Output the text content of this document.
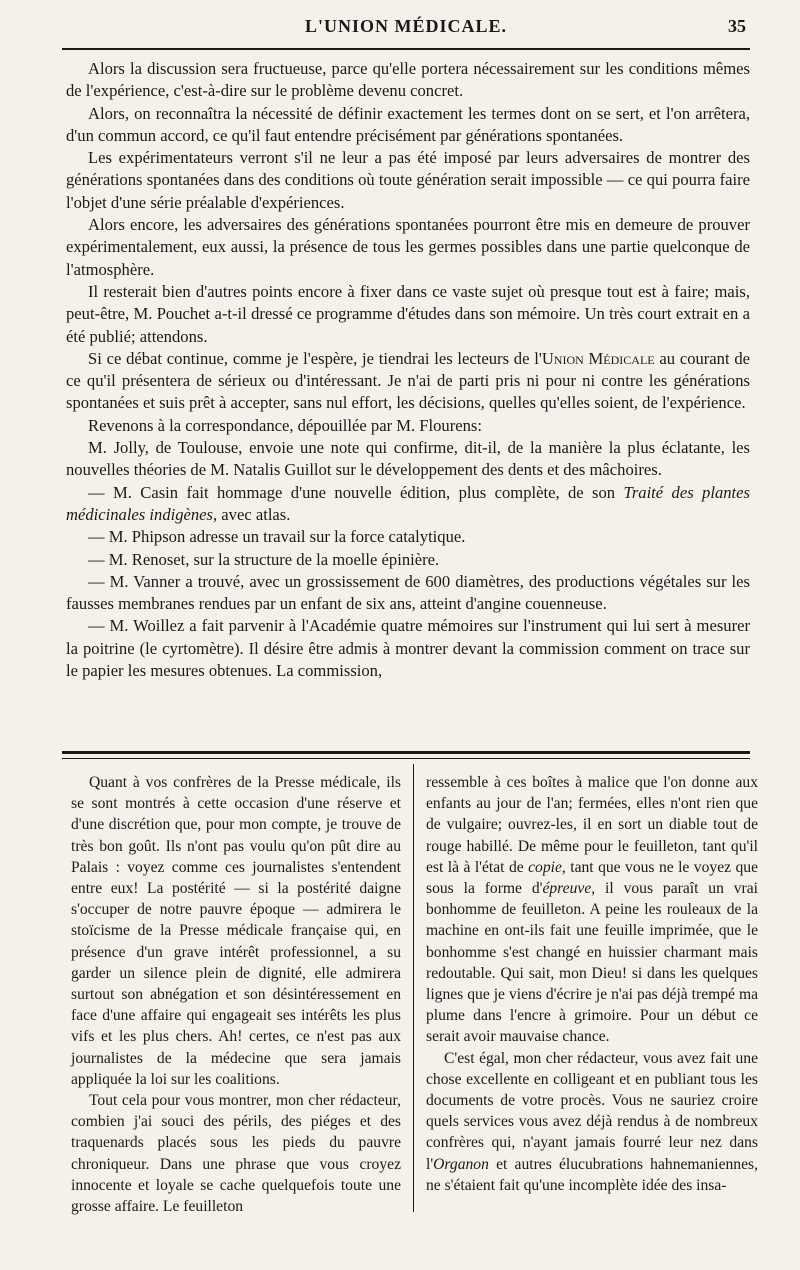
L'UNION MÉDICALE.	35

Alors la discussion sera fructueuse, parce qu'elle portera nécessairement sur les conditions mêmes de l'expérience, c'est-à-dire sur le problème devenu concret.

Alors, on reconnaîtra la nécessité de définir exactement les termes dont on se sert, et l'on arrêtera, d'un commun accord, ce qu'il faut entendre précisément par générations spontanées.

Les expérimentateurs verront s'il ne leur a pas été imposé par leurs adversaires de montrer des générations spontanées dans des conditions où toute génération serait impossible — ce qui pourra faire l'objet d'une série préalable d'expériences.

Alors encore, les adversaires des générations spontanées pourront être mis en demeure de prouver expérimentalement, eux aussi, la présence de tous les germes possibles dans une partie quelconque de l'atmosphère.

Il resterait bien d'autres points encore à fixer dans ce vaste sujet où presque tout est à faire; mais, peut-être, M. Pouchet a-t-il dressé ce programme d'études dans son mémoire. Un très court extrait en a été publié; attendons.

Si ce débat continue, comme je l'espère, je tiendrai les lecteurs de l'Union Médicale au courant de ce qu'il présentera de sérieux ou d'intéressant. Je n'ai de parti pris ni pour ni contre les générations spontanées et suis prêt à accepter, sans nul effort, les décisions, quelles qu'elles soient, de l'expérience.

Revenons à la correspondance, dépouillée par M. Flourens:

M. Jolly, de Toulouse, envoie une note qui confirme, dit-il, de la manière la plus éclatante, les nouvelles théories de M. Natalis Guillot sur le développement des dents et des mâchoires.

— M. Casin fait hommage d'une nouvelle édition, plus complète, de son Traité des plantes médicinales indigènes, avec atlas.

— M. Phipson adresse un travail sur la force catalytique.

— M. Renoset, sur la structure de la moelle épinière.

— M. Vanner a trouvé, avec un grossissement de 600 diamètres, des productions végétales sur les fausses membranes rendues par un enfant de six ans, atteint d'angine couenneuse.

— M. Woillez a fait parvenir à l'Académie quatre mémoires sur l'instrument qui lui sert à mesurer la poitrine (le cyrtomètre). Il désire être admis à montrer devant la commission comment on trace sur le papier les mesures obtenues. La commission,

Quant à vos confrères de la Presse médicale, ils se sont montrés à cette occasion d'une réserve et d'une discrétion que, pour mon compte, je trouve de très bon goût. Ils n'ont pas voulu qu'on pût dire au Palais : voyez comme ces journalistes s'entendent entre eux! La postérité — si la postérité daigne s'occuper de notre pauvre époque — admirera le stoïcisme de la Presse médicale française qui, en présence d'un grave intérêt professionnel, a su garder un silence plein de dignité, elle admirera surtout son abnégation et son désintéressement en face d'une affaire qui engageait ses intérêts les plus vifs et les plus chers. Ah! certes, ce n'est pas aux journalistes de la médecine que sera jamais appliquée la loi sur les coalitions.

Tout cela pour vous montrer, mon cher rédacteur, combien j'ai souci des périls, des piéges et des traquenards placés sous les pieds du pauvre chroniqueur. Dans une phrase que vous croyez innocente et loyale se cache quelquefois toute une grosse affaire. Le feuilleton

ressemble à ces boîtes à malice que l'on donne aux enfants au jour de l'an; fermées, elles n'ont rien que de vulgaire; ouvrez-les, il en sort un diable tout de rouge habillé. De même pour le feuilleton, tant qu'il est là à l'état de copie, tant que vous ne le voyez que sous la forme d'épreuve, il vous paraît un vrai bonhomme de feuilleton. A peine les rouleaux de la machine en ont-ils fait une feuille imprimée, que le bonhomme s'est changé en huissier charmant mais redoutable. Qui sait, mon Dieu! si dans les quelques lignes que je viens d'écrire je n'ai pas déjà trempé ma plume dans l'encre à grimoire. Pour un début ce serait avoir mauvaise chance.

C'est égal, mon cher rédacteur, vous avez fait une chose excellente en colligeant et en publiant tous les documents de votre procès. Vous ne sauriez croire quels services vous avez déjà rendus à de nombreux confrères qui, n'ayant jamais fourré leur nez dans l'Organon et autres élucubrations hahnemaniennes, ne s'étaient fait qu'une incomplète idée des insa-
